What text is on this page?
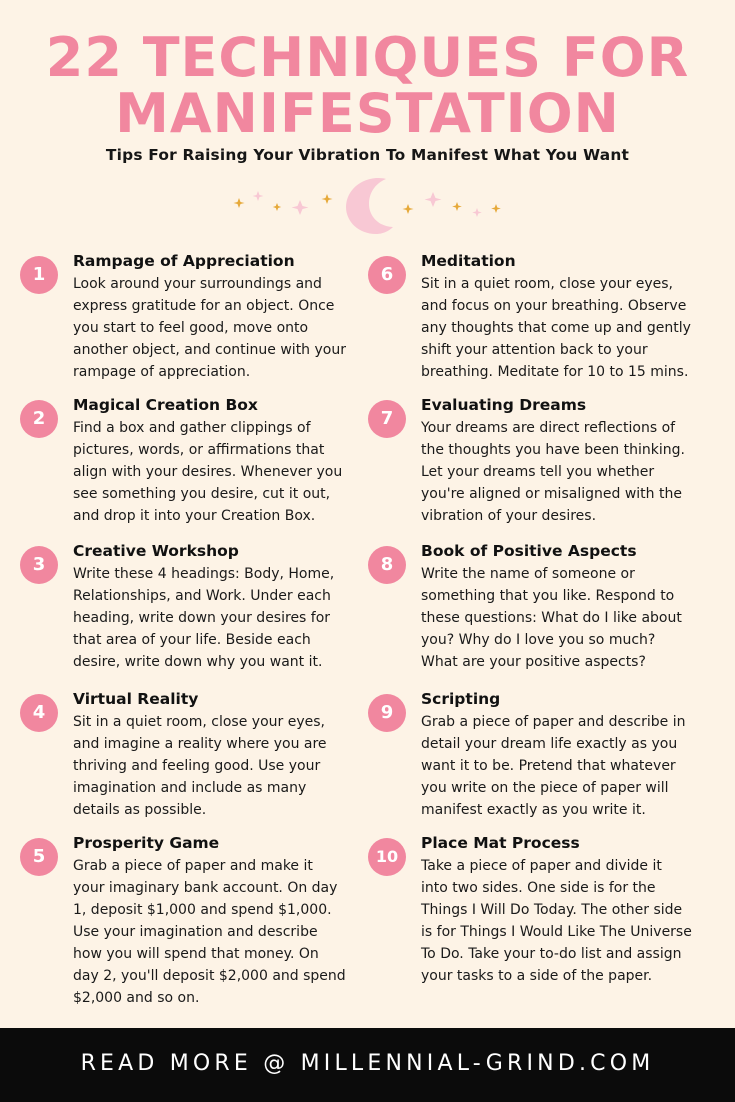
22 TECHNIQUES FOR
MANIFESTATION
Tips For Raising Your Vibration To Manifest What You Want
1
Rampage of Appreciation
Look around your surroundings and
express gratitude for an object. Once
you start to feel good, move onto
another object, and continue with your
rampage of appreciation.
2
Magical Creation Box
Find a box and gather clippings of
pictures, words, or affirmations that
align with your desires. Whenever you
see something you desire, cut it out,
and drop it into your Creation Box.
3
Creative Workshop
Write these 4 headings: Body, Home,
Relationships, and Work. Under each
heading, write down your desires for
that area of your life. Beside each
desire, write down why you want it.
4
Virtual Reality
Sit in a quiet room, close your eyes,
and imagine a reality where you are
thriving and feeling good. Use your
imagination and include as many
details as possible.
5
Prosperity Game
Grab a piece of paper and make it
your imaginary bank account. On day
1, deposit $1,000 and spend $1,000.
Use your imagination and describe
how you will spend that money. On
day 2, you'll deposit $2,000 and spend
$2,000 and so on.
6
Meditation
Sit in a quiet room, close your eyes,
and focus on your breathing. Observe
any thoughts that come up and gently
shift your attention back to your
breathing. Meditate for 10 to 15 mins.
7
Evaluating Dreams
Your dreams are direct reflections of
the thoughts you have been thinking.
Let your dreams tell you whether
you're aligned or misaligned with the
vibration of your desires.
8
Book of Positive Aspects
Write the name of someone or
something that you like. Respond to
these questions: What do I like about
you? Why do I love you so much?
What are your positive aspects?
9
Scripting
Grab a piece of paper and describe in
detail your dream life exactly as you
want it to be. Pretend that whatever
you write on the piece of paper will
manifest exactly as you write it.
10
Place Mat Process
Take a piece of paper and divide it
into two sides. One side is for the
Things I Will Do Today. The other side
is for Things I Would Like The Universe
To Do. Take your to-do list and assign
your tasks to a side of the paper.
READ MORE @ MILLENNIAL-GRIND.COM
